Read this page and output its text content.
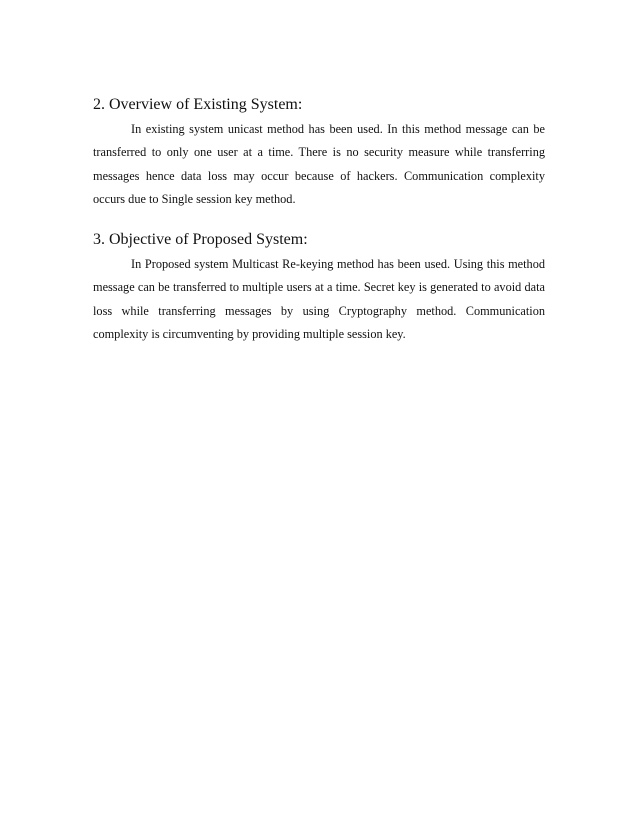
2. Overview of Existing System:

In existing system unicast method has been used. In this method message can be transferred to only one user at a time. There is no security measure while transferring messages hence data loss may occur because of hackers. Communication complexity occurs due to Single session key method.

3. Objective of Proposed System:

In Proposed system Multicast Re-keying method has been used. Using this method message can be transferred to multiple users at a time. Secret key is generated to avoid data loss while transferring messages by using Cryptography method. Communication complexity is circumventing by providing multiple session key.
